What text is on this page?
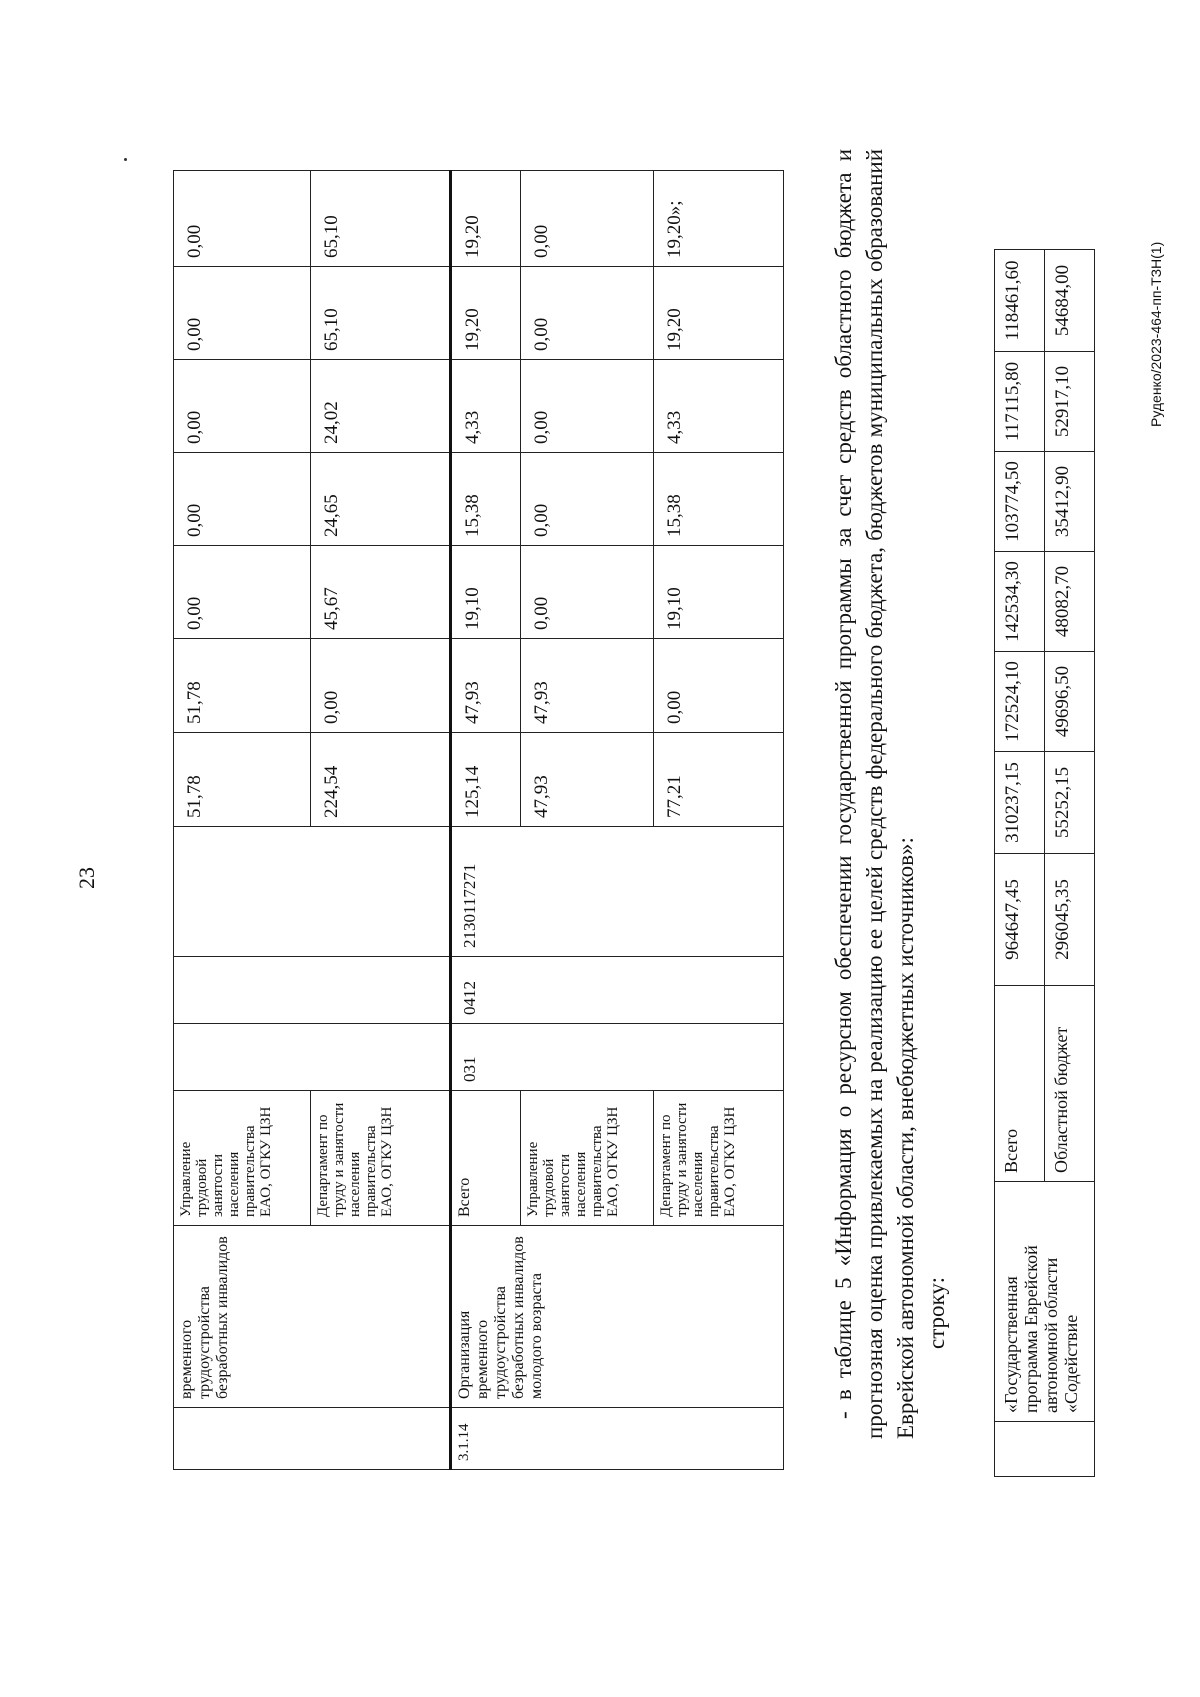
23
	временного трудоустройства безработных инвалидов	Управление трудовой занятости населения правительства ЕАО, ОГКУ ЦЗН				51,78	51,78	0,00	0,00	0,00	0,00	0,00
		Департамент по труду и занятости населения правительства ЕАО, ОГКУ ЦЗН				224,54	0,00	45,67	24,65	24,02	65,10	65,10
3.1.14	Организация временного трудоустройства безработных инвалидов молодого возраста	Всего	031	0412	2130117271	125,14	47,93	19,10	15,38	4,33	19,20	19,20
		Управление трудовой занятости населения правительства ЕАО, ОГКУ ЦЗН				47,93	47,93	0,00	0,00	0,00	0,00	0,00
		Департамент по труду и занятости населения правительства ЕАО, ОГКУ ЦЗН				77,21	0,00	19,10	15,38	4,33	19,20	19,20»;	- в таблице 5 «Информация о ресурсном обеспечении государственной программы за счет средств областного бюджета и прогнозная оценка привлекаемых на реализацию ее целей средств федерального бюджета, бюджетов муниципальных образований Еврейской автономной области, внебюджетных источников»: строку:
		«Государственная программа Еврейской автономной области «Содействие	Всего	964647,45	310237,15	172524,10	142534,30	103774,50	117115,80	118461,60
		Областной бюджет	296045,35	55252,15	49696,50	48082,70	35412,90	52917,10	54684,00	Руденко/2023-464-пп-ТЗН(1)
